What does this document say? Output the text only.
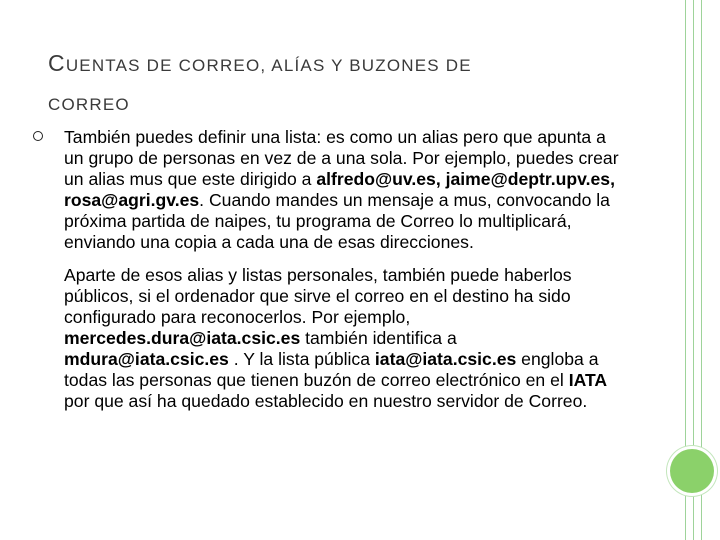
CUENTAS DE CORREO, ALÍAS Y BUZONES DE
CORREO

También puedes definir una lista: es como un alias pero que apunta a un grupo de personas en vez de a una sola. Por ejemplo, puedes crear un alias mus que este dirigido a alfredo@uv.es, jaime@deptr.upv.es, rosa@agri.gv.es. Cuando mandes un mensaje a mus, convocando la próxima partida de naipes, tu programa de Correo lo multiplicará, enviando una copia a cada una de esas direcciones.

Aparte de esos alias y listas personales, también puede haberlos públicos, si el ordenador que sirve el correo en el destino ha sido configurado para reconocerlos. Por ejemplo, mercedes.dura@iata.csic.es también identifica a mdura@iata.csic.es . Y la lista pública iata@iata.csic.es engloba a todas las personas que tienen buzón de correo electrónico en el IATA por que así ha quedado establecido en nuestro servidor de Correo.
